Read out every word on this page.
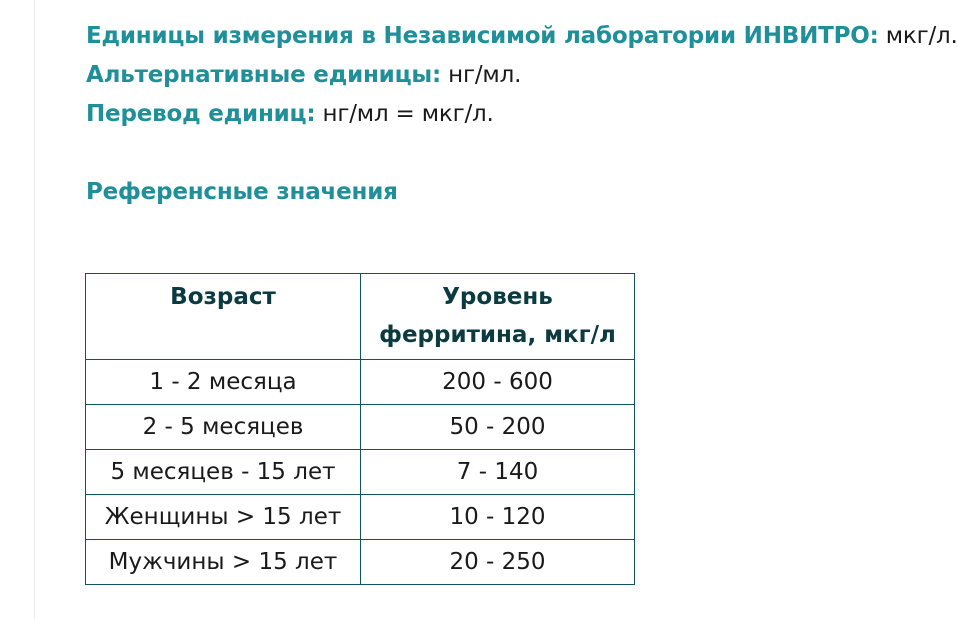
Единицы измерения в Независимой лаборатории ИНВИТРО: мкг/л.
Альтернативные единицы: нг/мл.
Перевод единиц: нг/мл = мкг/л.
Референсные значения
Возраст	Уровень ферритина, мкг/л
1 - 2 месяца	200 - 600
2 - 5 месяцев	50 - 200
5 месяцев - 15 лет	7 - 140
Женщины > 15 лет	10 - 120
Мужчины > 15 лет	20 - 250
